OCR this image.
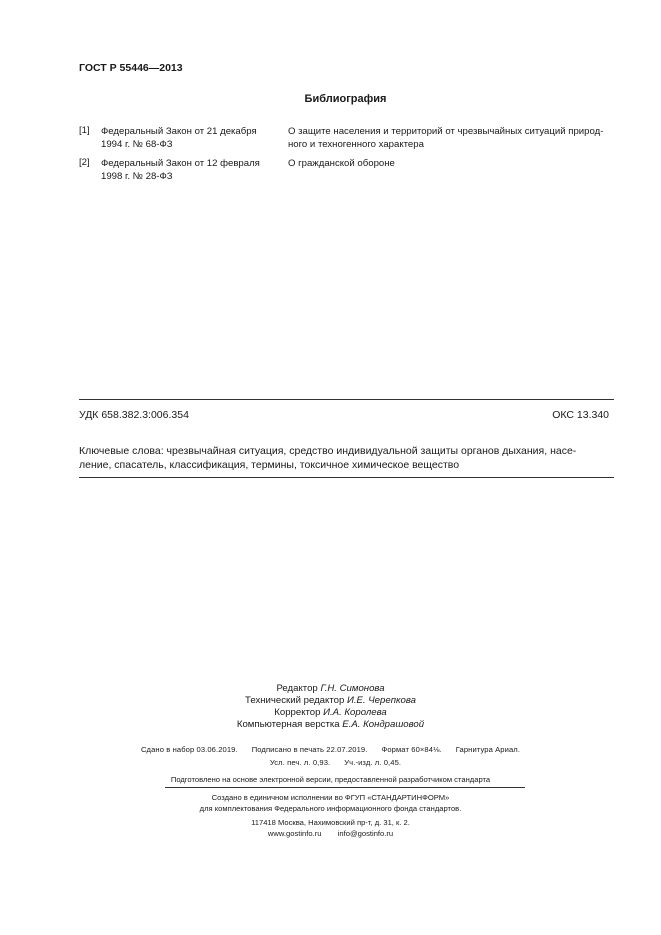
ГОСТ Р 55446—2013
Библиография
[1] Федеральный Закон от 21 декабря
1994 г. № 68-ФЗ
О защите населения и территорий от чрезвычайных ситуаций природ-
ного и техногенного характера
[2] Федеральный Закон от 12 февраля
1998 г. № 28-ФЗ
О гражданской обороне
УДК 658.382.3:006.354	ОКС 13.340
Ключевые слова: чрезвычайная ситуация, средство индивидуальной защиты органов дыхания, насе-
ление, спасатель, классификация, термины, токсичное химическое вещество
Редактор Г.Н. Симонова
Технический редактор И.Е. Черепкова
Корректор И.А. Королева
Компьютерная верстка Е.А. Кондрашовой
Сдано в набор 03.06.2019. Подписано в печать 22.07.2019. Формат 60×84⅛. Гарнитура Ариал.
Усл. печ. л. 0,93. Уч.-изд. л. 0,45.
Подготовлено на основе электронной версии, предоставленной разработчиком стандарта
Создано в единичном исполнении во ФГУП «СТАНДАРТИНФОРМ»
для комплектования Федерального информационного фонда стандартов.
117418 Москва, Нахимовский пр-т, д. 31, к. 2.
www.gostinfo.ru info@gostinfo.ru
